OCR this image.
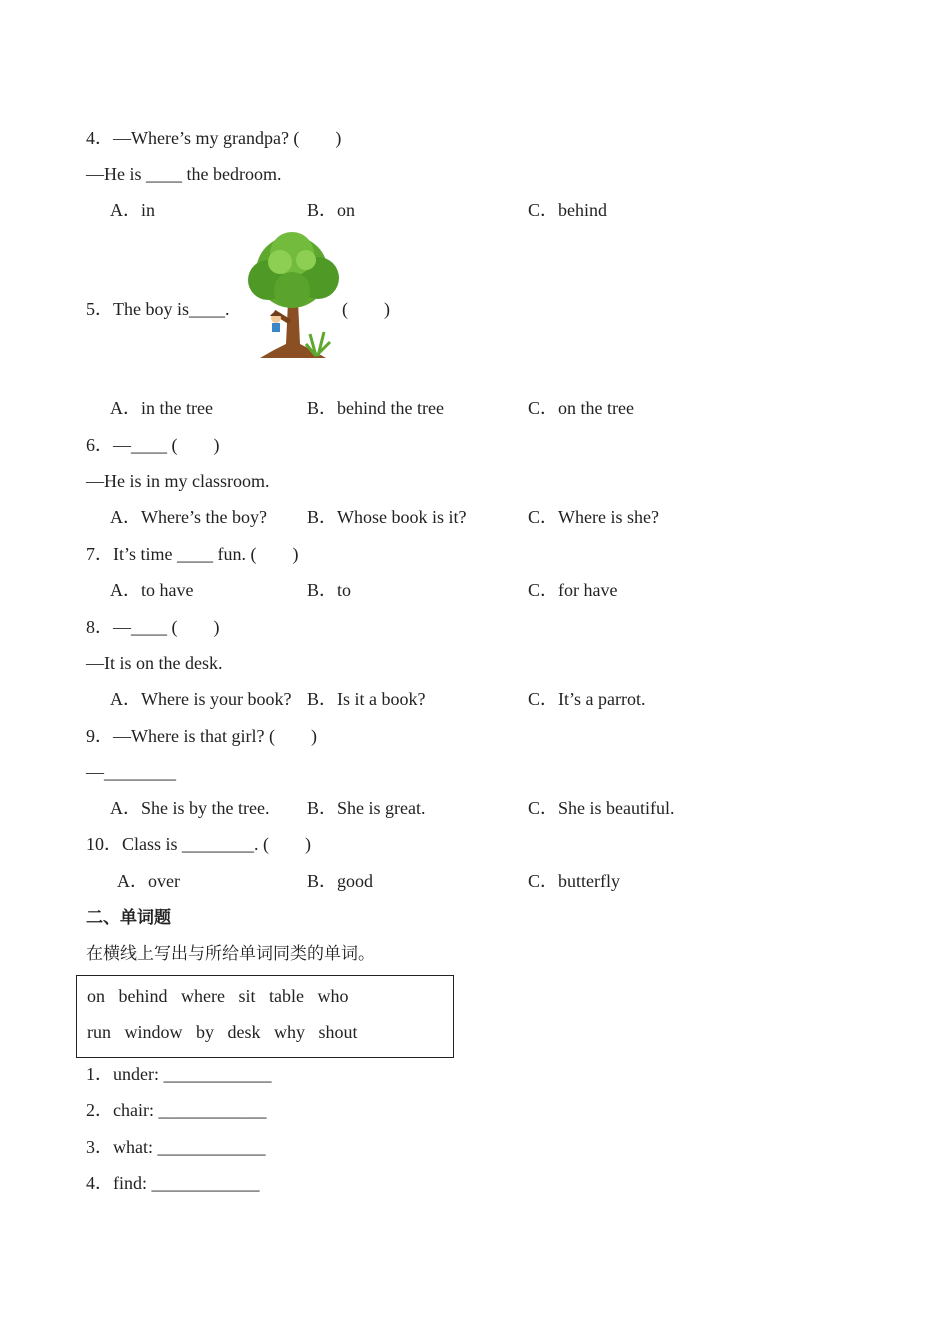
4．—Where’s my grandpa? (　　)
—He is ____ the bedroom.
A．in	B．on	C．behind
5．The boy is____.	(　　)
A．in the tree	B．behind the tree	C．on the tree
6．—____ (　　)
—He is in my classroom.
A．Where’s the boy? B．Whose book is it?	C．Where is she?
7．It’s time ____ fun. (　　)
A．to have	B．to	C．for have
8．—____ (　　)
—It is on the desk.
A．Where is your book? B．Is it a book?	C．It’s a parrot.
9．—Where is that girl? (　　)
—________
A．She is by the tree. B．She is great.	C．She is beautiful.
10．Class is ________. (　　)
A．over	B．good	C．butterfly
二、单词题
在横线上写出与所给单词同类的单词。
on   behind   where   sit   table   who
run   window   by   desk   why   shout
1．under: ____________
2．chair: ____________
3．what: ____________
4．find: ____________
